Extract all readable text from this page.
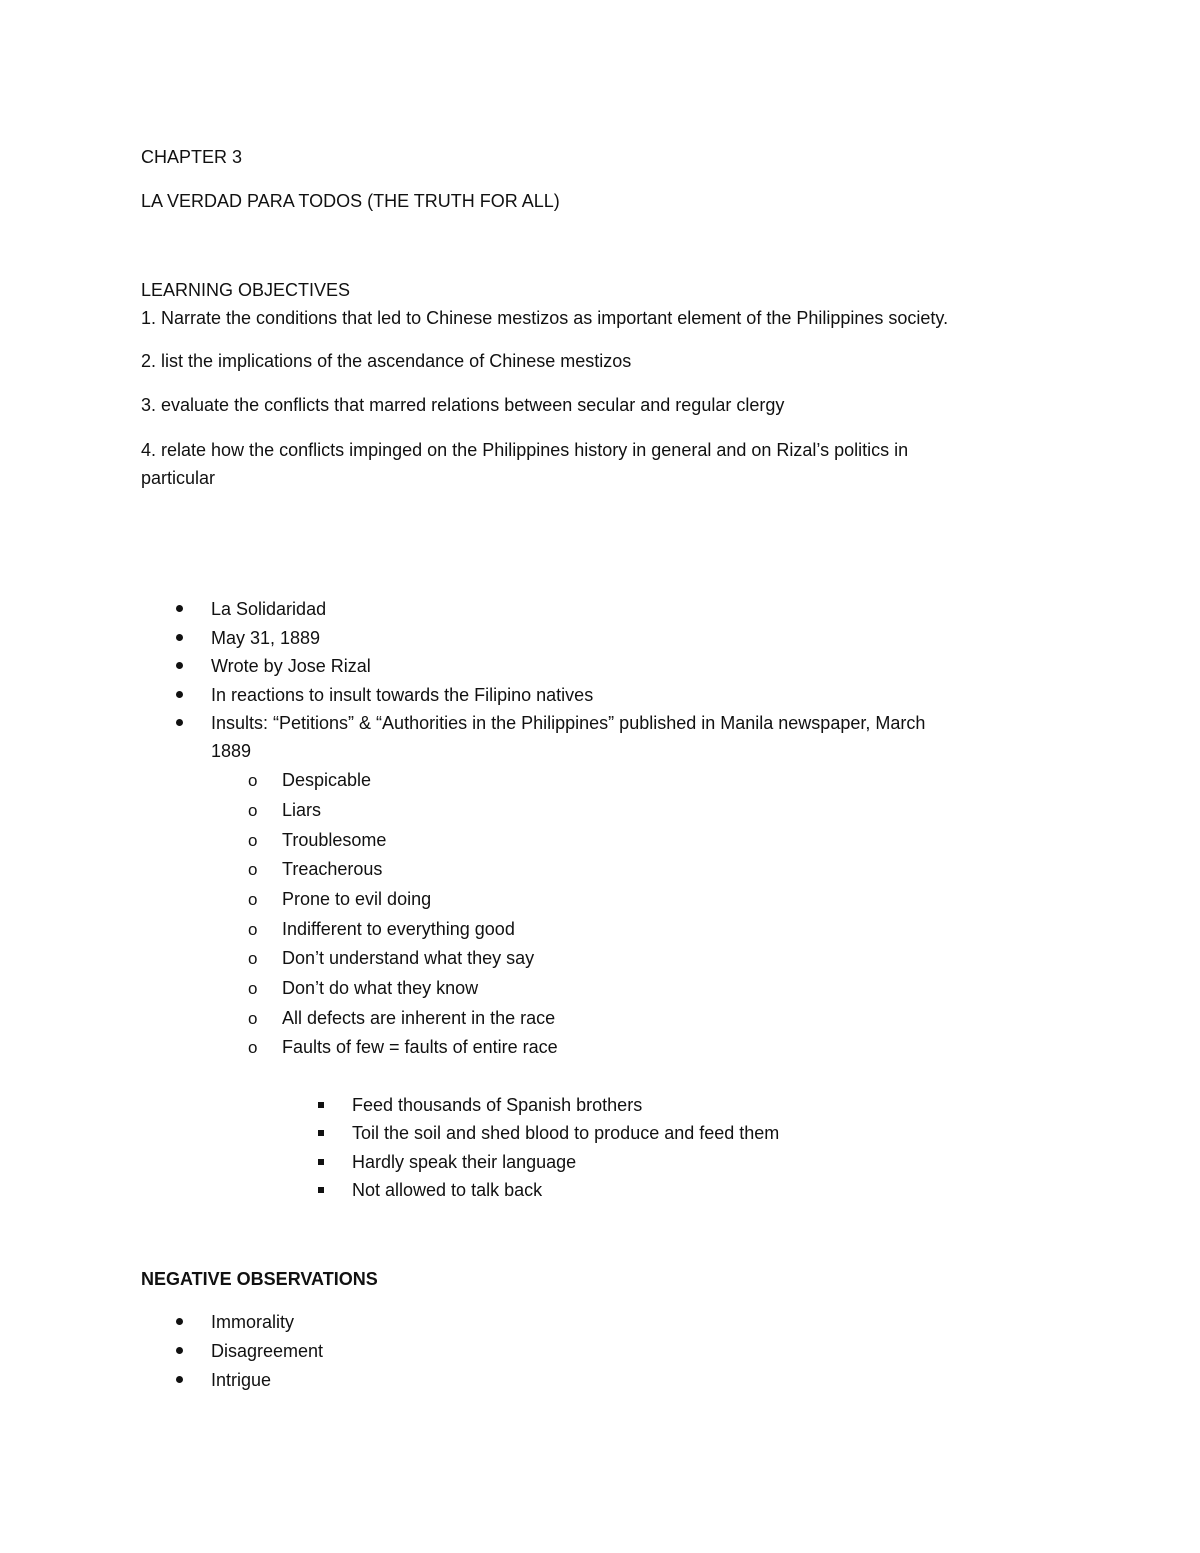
CHAPTER 3
LA VERDAD PARA TODOS (THE TRUTH FOR ALL)
LEARNING OBJECTIVES
1. Narrate the conditions that led to Chinese mestizos as important element of the Philippines society.
2. list the implications of the ascendance of Chinese mestizos
3. evaluate the conflicts that marred relations between secular and regular clergy
4. relate how the conflicts impinged on the Philippines history in general and on Rizal’s politics in
particular
La Solidaridad
May 31, 1889
Wrote by Jose Rizal
In reactions to insult towards the Filipino natives
Insults: “Petitions” & “Authorities in the Philippines” published in Manila newspaper, March
1889
o Despicable
o Liars
o Troublesome
o Treacherous
o Prone to evil doing
o Indifferent to everything good
o Don’t understand what they say
o Don’t do what they know
o All defects are inherent in the race
o Faults of few = faults of entire race
Feed thousands of Spanish brothers
Toil the soil and shed blood to produce and feed them
Hardly speak their language
Not allowed to talk back
NEGATIVE OBSERVATIONS
Immorality
Disagreement
Intrigue
